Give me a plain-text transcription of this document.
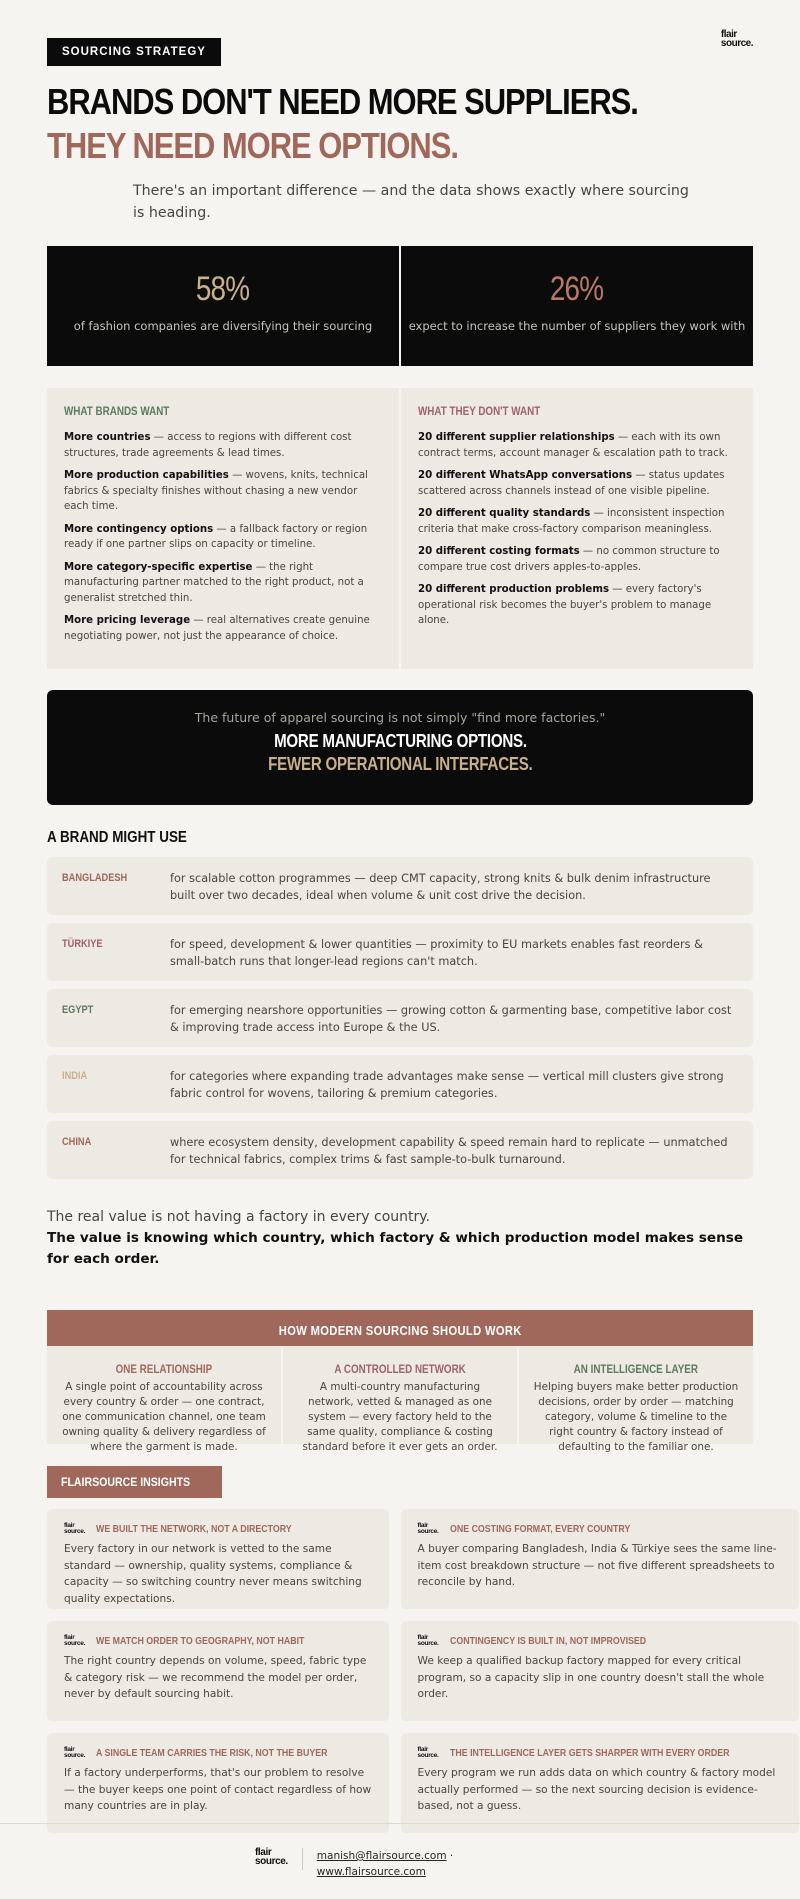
SOURCING STRATEGY
flair
source.
BRANDS DON'T NEED MORE SUPPLIERS.
THEY NEED MORE OPTIONS.

There's an important difference — and the data shows exactly where sourcing is heading.

58%
of fashion companies are diversifying their sourcing
26%
expect to increase the number of suppliers they work with
WHAT BRANDS WANT
More countries — access to regions with different cost structures, trade agreements & lead times.
More production capabilities — wovens, knits, technical fabrics & specialty finishes without chasing a new vendor each time.
More contingency options — a fallback factory or region ready if one partner slips on capacity or timeline.
More category-specific expertise — the right manufacturing partner matched to the right product, not a generalist stretched thin.
More pricing leverage — real alternatives create genuine negotiating power, not just the appearance of choice.
WHAT THEY DON'T WANT
20 different supplier relationships — each with its own contract terms, account manager & escalation path to track.
20 different WhatsApp conversations — status updates scattered across channels instead of one visible pipeline.
20 different quality standards — inconsistent inspection criteria that make cross-factory comparison meaningless.
20 different costing formats — no common structure to compare true cost drivers apples-to-apples.
20 different production problems — every factory's operational risk becomes the buyer's problem to manage alone.
The future of apparel sourcing is not simply "find more factories."
MORE MANUFACTURING OPTIONS.
FEWER OPERATIONAL INTERFACES.
A BRAND MIGHT USE
BANGLADESH	for scalable cotton programmes — deep CMT capacity, strong knits & bulk denim infrastructure built over two decades, ideal when volume & unit cost drive the decision.
TÜRKIYE	for speed, development & lower quantities — proximity to EU markets enables fast reorders & small-batch runs that longer-lead regions can't match.
EGYPT	for emerging nearshore opportunities — growing cotton & garmenting base, competitive labor cost & improving trade access into Europe & the US.
INDIA	for categories where expanding trade advantages make sense — vertical mill clusters give strong fabric control for wovens, tailoring & premium categories.
CHINA	where ecosystem density, development capability & speed remain hard to replicate — unmatched for technical fabrics, complex trims & fast sample-to-bulk turnaround.
The real value is not having a factory in every country.
The value is knowing which country, which factory & which production model makes sense for each order.
HOW MODERN SOURCING SHOULD WORK
ONE RELATIONSHIP

A single point of accountability across every country & order — one contract, one communication channel, one team owning quality & delivery regardless of where the garment is made.

A CONTROLLED NETWORK

A multi-country manufacturing network, vetted & managed as one system — every factory held to the same quality, compliance & costing standard before it ever gets an order.

AN INTELLIGENCE LAYER

Helping buyers make better production decisions, order by order — matching category, volume & timeline to the right country & factory instead of defaulting to the familiar one.

FLAIRSOURCE INSIGHTS
flair
source. WE BUILT THE NETWORK, NOT A DIRECTORY

Every factory in our network is vetted to the same standard — ownership, quality systems, compliance & capacity — so switching country never means switching quality expectations.

flair
source. ONE COSTING FORMAT, EVERY COUNTRY

A buyer comparing Bangladesh, India & Türkiye sees the same line-item cost breakdown structure — not five different spreadsheets to reconcile by hand.

flair
source. WE MATCH ORDER TO GEOGRAPHY, NOT HABIT

The right country depends on volume, speed, fabric type & category risk — we recommend the model per order, never by default sourcing habit.

flair
source. CONTINGENCY IS BUILT IN, NOT IMPROVISED

We keep a qualified backup factory mapped for every critical program, so a capacity slip in one country doesn't stall the whole order.

flair
source. A SINGLE TEAM CARRIES THE RISK, NOT THE BUYER

If a factory underperforms, that's our problem to resolve — the buyer keeps one point of contact regardless of how many countries are in play.

flair
source. THE INTELLIGENCE LAYER GETS SHARPER WITH EVERY ORDER

Every program we run adds data on which country & factory model actually performed — so the next sourcing decision is evidence-based, not a guess.

flair
source.	manish@flairsource.com ·
www.flairsource.com
